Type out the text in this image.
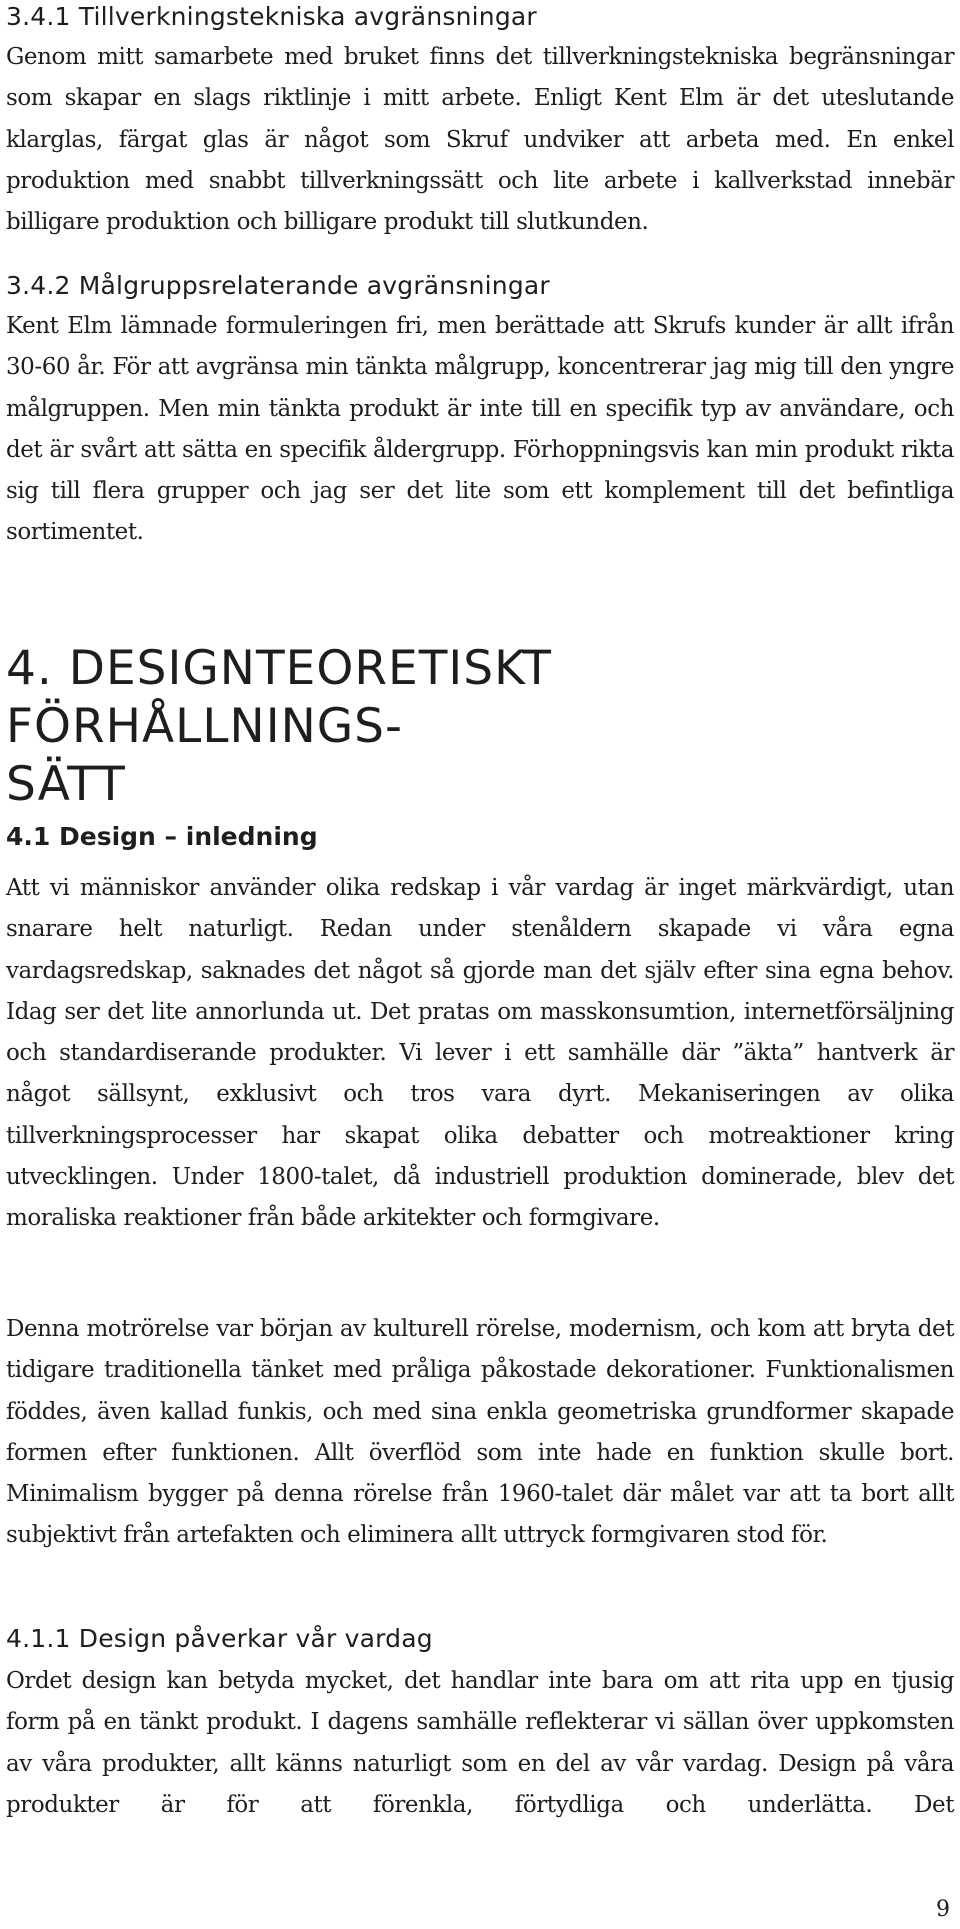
3.4.1 Tillverkningstekniska avgränsningar

Genom mitt samarbete med bruket finns det tillverkningstekniska begränsningar som skapar en slags riktlinje i mitt arbete. Enligt Kent Elm är det uteslutande klarglas, färgat glas är något som Skruf undviker att arbeta med. En enkel produktion med snabbt tillverkningssätt och lite arbete i kallverkstad innebär billigare produktion och billigare produkt till slutkunden.

3.4.2 Målgruppsrelaterande avgränsningar

Kent Elm lämnade formuleringen fri, men berättade att Skrufs kunder är allt ifrån 30-60 år. För att avgränsa min tänkta målgrupp, koncentrerar jag mig till den yngre målgruppen. Men min tänkta produkt är inte till en specifik typ av användare, och det är svårt att sätta en specifik åldergrupp. Förhoppningsvis kan min produkt rikta sig till flera grupper och jag ser det lite som ett komplement till det befintliga sortimentet.

4. DESIGNTEORETISKT FÖRHÅLLNINGS-
SÄTT
4.1 Design – inledning

Att vi människor använder olika redskap i vår vardag är inget märkvärdigt, utan snarare helt naturligt. Redan under stenåldern skapade vi våra egna vardagsredskap, saknades det något så gjorde man det själv efter sina egna behov. Idag ser det lite annorlunda ut. Det pratas om masskonsumtion, internetförsäljning och standardiserande produkter. Vi lever i ett samhälle där ”äkta” hantverk är något sällsynt, exklusivt och tros vara dyrt. Mekaniseringen av olika tillverkningsprocesser har skapat olika debatter och motreaktioner kring utvecklingen. Under 1800-talet, då industriell produktion dominerade, blev det moraliska reaktioner från både arkitekter och formgivare.

Denna motrörelse var början av kulturell rörelse, modernism, och kom att bryta det tidigare traditionella tänket med pråliga påkostade dekorationer. Funktionalismen föddes, även kallad funkis, och med sina enkla geometriska grundformer skapade formen efter funktionen. Allt överflöd som inte hade en funktion skulle bort. Minimalism bygger på denna rörelse från 1960-talet där målet var att ta bort allt subjektivt från artefakten och eliminera allt uttryck formgivaren stod för.

4.1.1 Design påverkar vår vardag

Ordet design kan betyda mycket, det handlar inte bara om att rita upp en tjusig form på en tänkt produkt. I dagens samhälle reflekterar vi sällan över uppkomsten av våra produkter, allt känns naturligt som en del av vår vardag. Design på våra produkter är för att förenkla, förtydliga och underlätta. Det

9
